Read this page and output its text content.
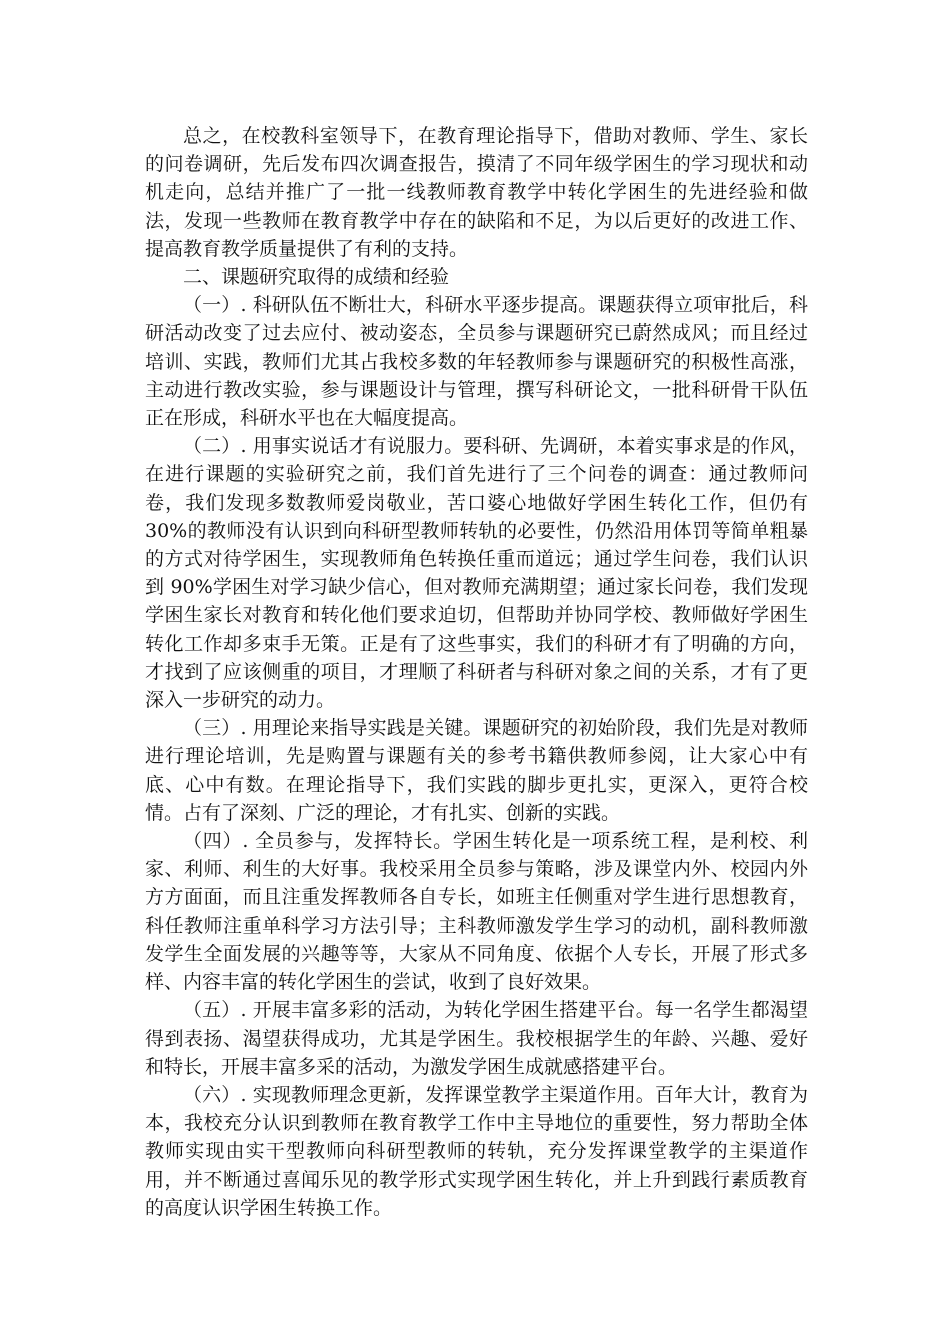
总之，在校教科室领导下，在教育理论指导下，借助对教师、学生、家长的问卷调研，先后发布四次调查报告，摸清了不同年级学困生的学习现状和动机走向，总结并推广了一批一线教师教育教学中转化学困生的先进经验和做法，发现一些教师在教育教学中存在的缺陷和不足，为以后更好的改进工作、提高教育教学质量提供了有利的支持。

二、课题研究取得的成绩和经验

（一）. 科研队伍不断壮大，科研水平逐步提高。课题获得立项审批后，科研活动改变了过去应付、被动姿态，全员参与课题研究已蔚然成风；而且经过培训、实践，教师们尤其占我校多数的年轻教师参与课题研究的积极性高涨，主动进行教改实验，参与课题设计与管理，撰写科研论文，一批科研骨干队伍正在形成，科研水平也在大幅度提高。

（二）. 用事实说话才有说服力。要科研、先调研，本着实事求是的作风，在进行课题的实验研究之前，我们首先进行了三个问卷的调查：通过教师问卷，我们发现多数教师爱岗敬业，苦口婆心地做好学困生转化工作，但仍有 30%的教师没有认识到向科研型教师转轨的必要性，仍然沿用体罚等简单粗暴的方式对待学困生，实现教师角色转换任重而道远；通过学生问卷，我们认识到 90%学困生对学习缺少信心，但对教师充满期望；通过家长问卷，我们发现学困生家长对教育和转化他们要求迫切，但帮助并协同学校、教师做好学困生转化工作却多束手无策。正是有了这些事实，我们的科研才有了明确的方向，才找到了应该侧重的项目，才理顺了科研者与科研对象之间的关系，才有了更深入一步研究的动力。

（三）. 用理论来指导实践是关键。课题研究的初始阶段，我们先是对教师进行理论培训，先是购置与课题有关的参考书籍供教师参阅，让大家心中有底、心中有数。在理论指导下，我们实践的脚步更扎实，更深入，更符合校情。占有了深刻、广泛的理论，才有扎实、创新的实践。

（四）. 全员参与，发挥特长。学困生转化是一项系统工程，是利校、利家、利师、利生的大好事。我校采用全员参与策略，涉及课堂内外、校园内外方方面面，而且注重发挥教师各自专长，如班主任侧重对学生进行思想教育，科任教师注重单科学习方法引导；主科教师激发学生学习的动机，副科教师激发学生全面发展的兴趣等等，大家从不同角度、依据个人专长，开展了形式多样、内容丰富的转化学困生的尝试，收到了良好效果。

（五）. 开展丰富多彩的活动，为转化学困生搭建平台。每一名学生都渴望得到表扬、渴望获得成功，尤其是学困生。我校根据学生的年龄、兴趣、爱好和特长，开展丰富多采的活动，为激发学困生成就感搭建平台。

（六）. 实现教师理念更新，发挥课堂教学主渠道作用。百年大计，教育为本，我校充分认识到教师在教育教学工作中主导地位的重要性，努力帮助全体教师实现由实干型教师向科研型教师的转轨，充分发挥课堂教学的主渠道作用，并不断通过喜闻乐见的教学形式实现学困生转化，并上升到践行素质教育的高度认识学困生转换工作。
